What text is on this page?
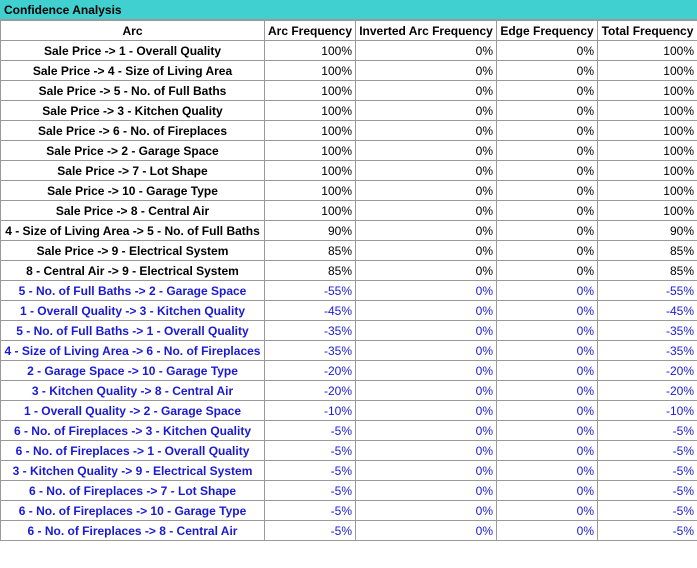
Confidence Analysis
Arc	Arc Frequency	Inverted Arc Frequency	Edge Frequency	Total Frequency
Sale Price -> 1 - Overall Quality	100%	0%	0%	100%
Sale Price -> 4 - Size of Living Area	100%	0%	0%	100%
Sale Price -> 5 - No. of Full Baths	100%	0%	0%	100%
Sale Price -> 3 - Kitchen Quality	100%	0%	0%	100%
Sale Price -> 6 - No. of Fireplaces	100%	0%	0%	100%
Sale Price -> 2 - Garage Space	100%	0%	0%	100%
Sale Price -> 7 - Lot Shape	100%	0%	0%	100%
Sale Price -> 10 - Garage Type	100%	0%	0%	100%
Sale Price -> 8 - Central Air	100%	0%	0%	100%
4 - Size of Living Area -> 5 - No. of Full Baths	90%	0%	0%	90%
Sale Price -> 9 - Electrical System	85%	0%	0%	85%
8 - Central Air -> 9 - Electrical System	85%	0%	0%	85%
5 - No. of Full Baths -> 2 - Garage Space	-55%	0%	0%	-55%
1 - Overall Quality -> 3 - Kitchen Quality	-45%	0%	0%	-45%
5 - No. of Full Baths -> 1 - Overall Quality	-35%	0%	0%	-35%
4 - Size of Living Area -> 6 - No. of Fireplaces	-35%	0%	0%	-35%
2 - Garage Space -> 10 - Garage Type	-20%	0%	0%	-20%
3 - Kitchen Quality -> 8 - Central Air	-20%	0%	0%	-20%
1 - Overall Quality -> 2 - Garage Space	-10%	0%	0%	-10%
6 - No. of Fireplaces -> 3 - Kitchen Quality	-5%	0%	0%	-5%
6 - No. of Fireplaces -> 1 - Overall Quality	-5%	0%	0%	-5%
3 - Kitchen Quality -> 9 - Electrical System	-5%	0%	0%	-5%
6 - No. of Fireplaces -> 7 - Lot Shape	-5%	0%	0%	-5%
6 - No. of Fireplaces -> 10 - Garage Type	-5%	0%	0%	-5%
6 - No. of Fireplaces -> 8 - Central Air	-5%	0%	0%	-5%
